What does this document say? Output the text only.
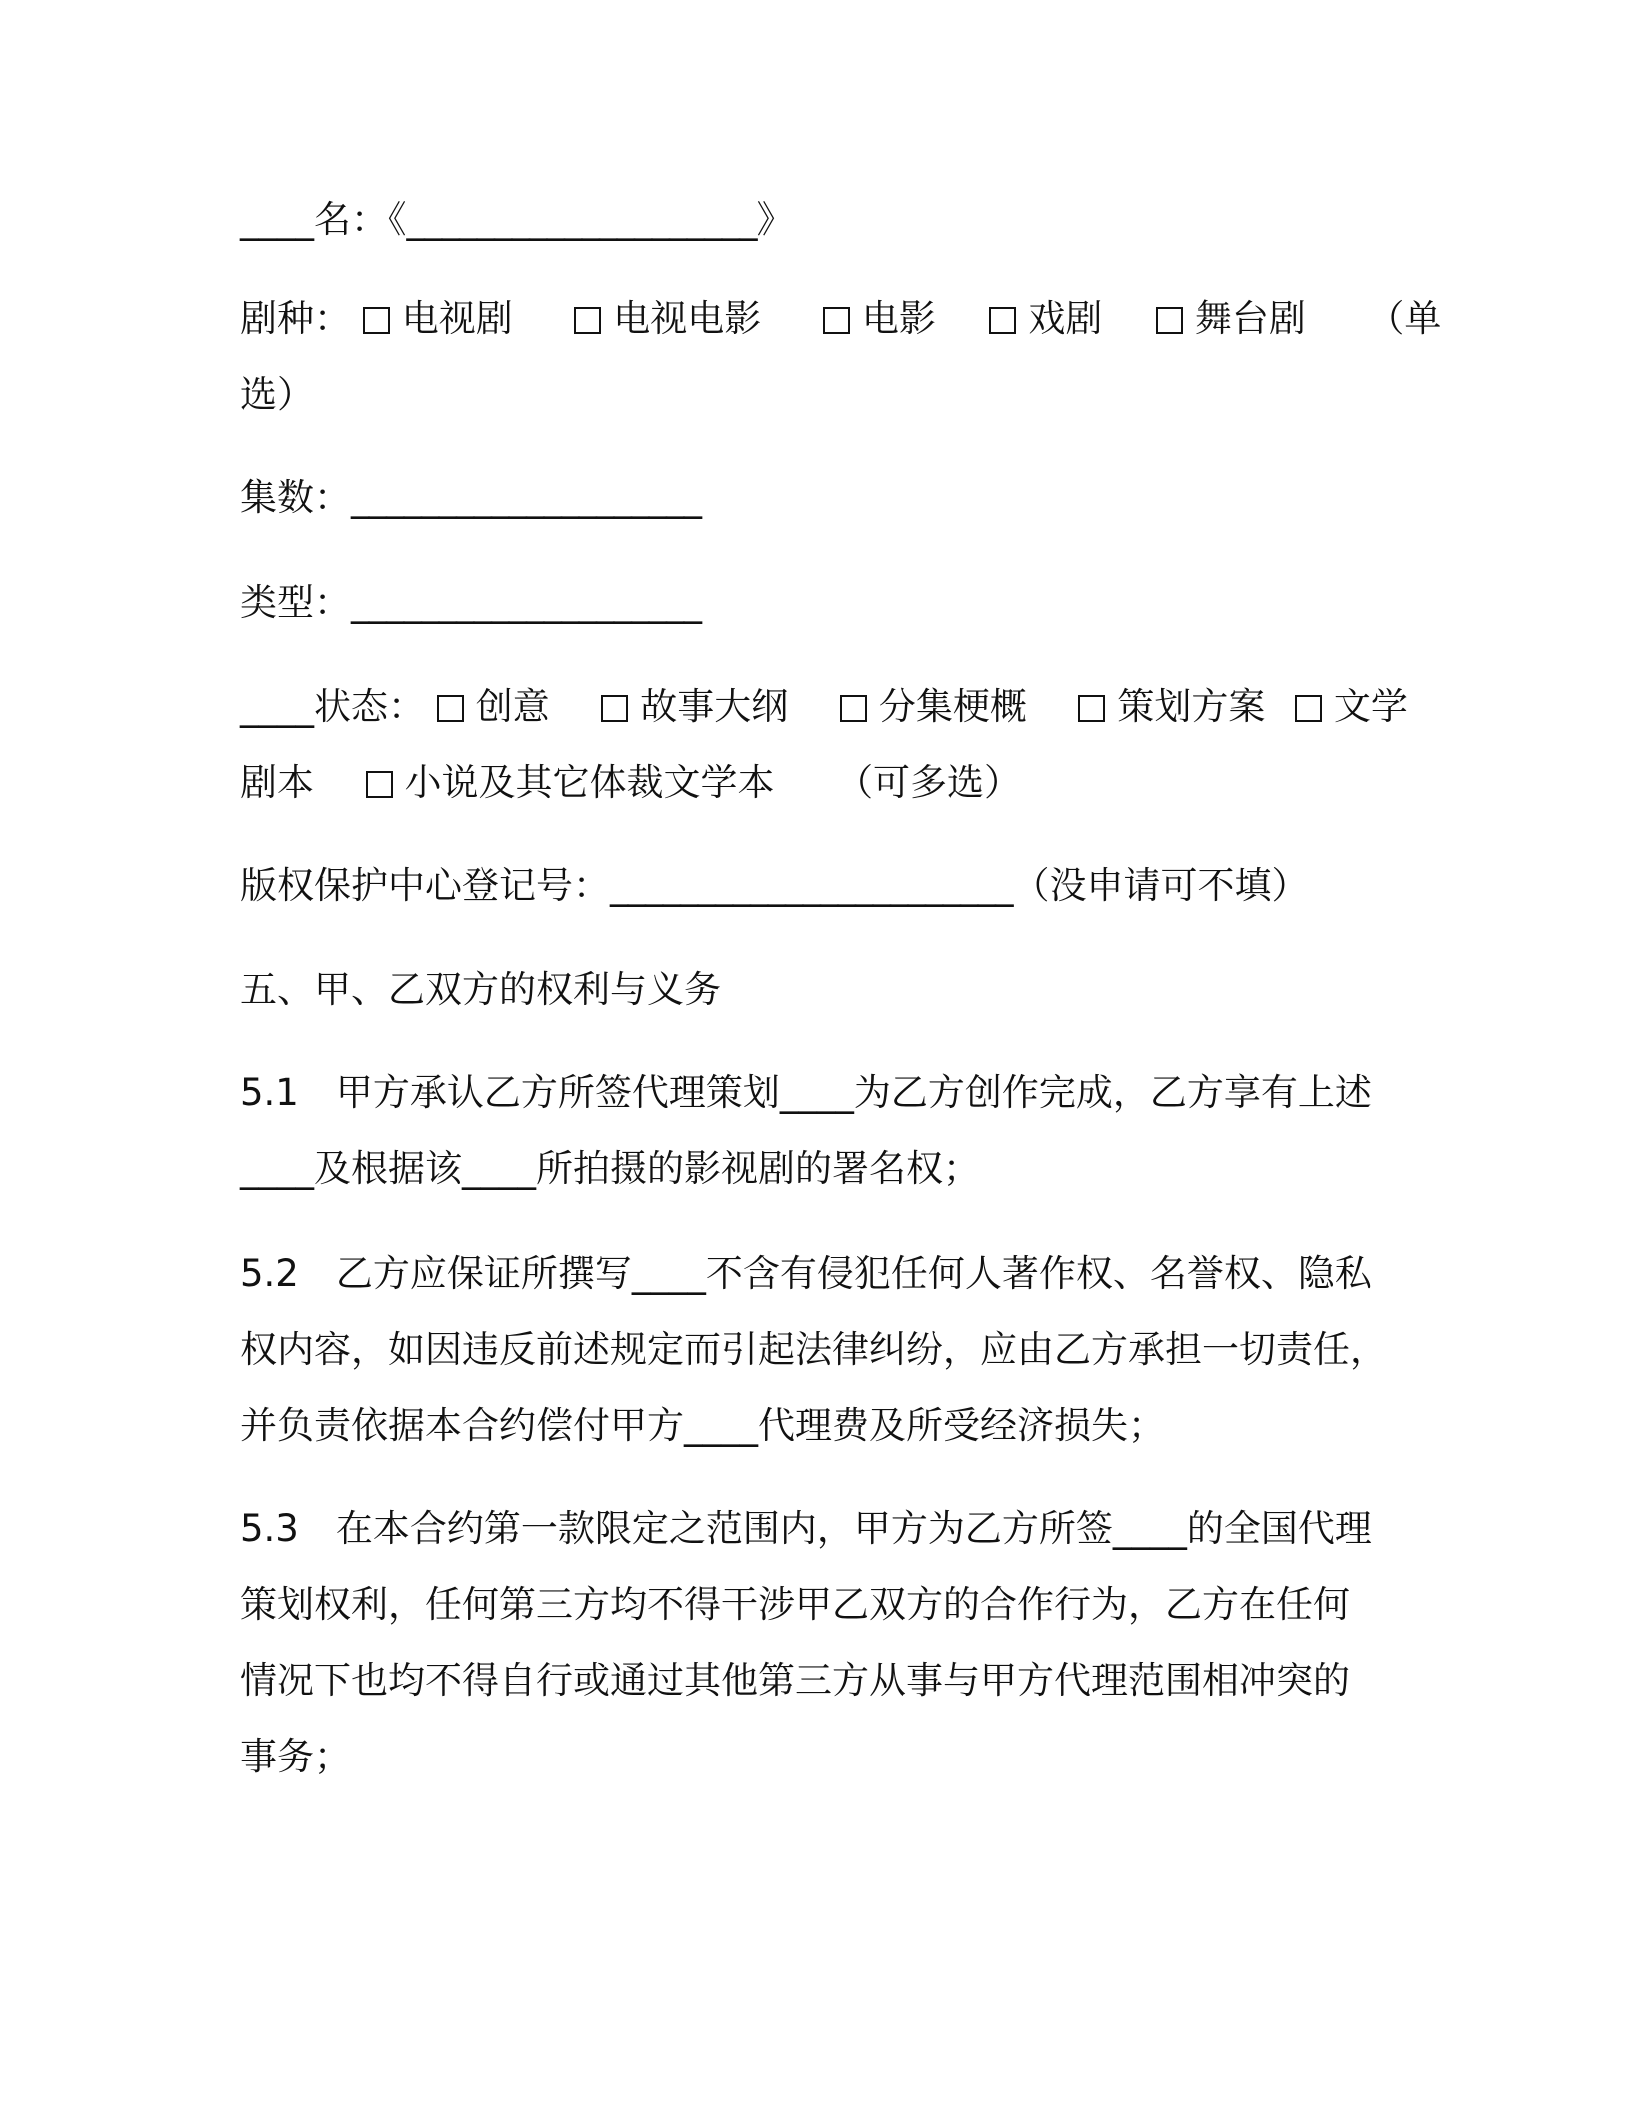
____名：《____________________》
剧种： 电视剧	电视电影	电影	戏剧	舞台剧 （单
选）
集数：____________________
类型：____________________
____状态： 创意 故事大纲 分集梗概 策划方案 文学
剧本 小说及其它体裁文学本 （可多选）
版权保护中心登记号：_______________________（没申请可不填）
五、甲、乙双方的权利与义务
5.1　甲方承认乙方所签代理策划____为乙方创作完成，乙方享有上述
____及根据该____所拍摄的影视剧的署名权；
5.2　乙方应保证所撰写____不含有侵犯任何人著作权、名誉权、隐私
权内容，如因违反前述规定而引起法律纠纷，应由乙方承担一切责任，
并负责依据本合约偿付甲方____代理费及所受经济损失；
5.3　在本合约第一款限定之范围内，甲方为乙方所签____的全国代理
策划权利，任何第三方均不得干涉甲乙双方的合作行为，乙方在任何
情况下也均不得自行或通过其他第三方从事与甲方代理范围相冲突的
事务；
